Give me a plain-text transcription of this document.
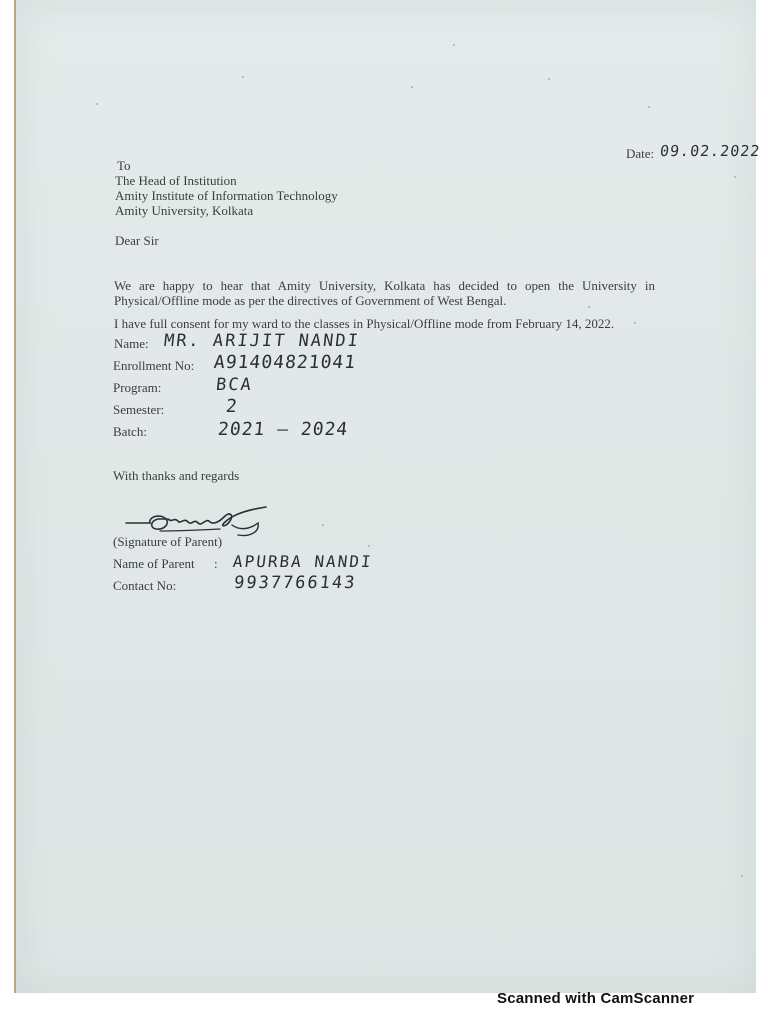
Date: 09.02.2022
To
The Head of Institution
Amity Institute of Information Technology
Amity University, Kolkata
Dear Sir
We are happy to hear that Amity University, Kolkata has decided to open the University in
Physical/Offline mode as per the directives of Government of West Bengal.
I have full consent for my ward to the classes in Physical/Offline mode from February 14, 2022.
Name: MR. ARIJIT NANDI
Enrollment No: A91404821041
Program:	BCA
Semester:	2
Batch:	2021 – 2024
With thanks and regards
(Signature of Parent)
Name of Parent : APURBA NANDI
Contact No:	9937766143
Scanned with CamScanner
